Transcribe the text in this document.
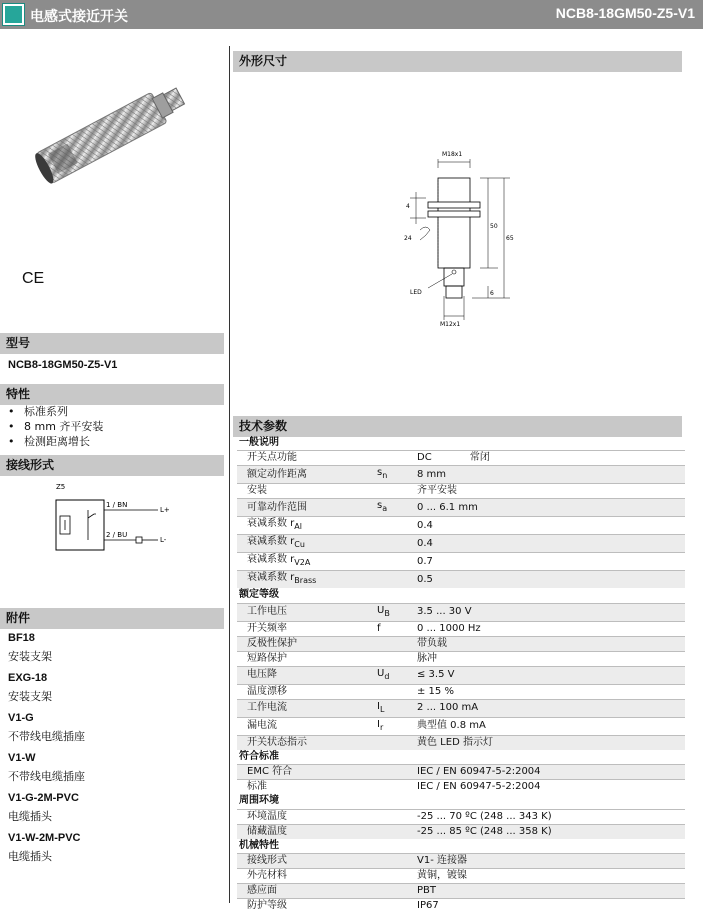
电感式接近开关	NCB8-18GM50-Z5-V1
CE
型号
NCB8-18GM50-Z5-V1
特性
• 标准系列
• 8 mm 齐平安装
• 检测距离增长
接线形式
Z5
1 / BN
2 / BU
L+
L-
附件
BF18
安装支架
EXG-18
安装支架
V1-G
不带线电缆插座
V1-W
不带线电缆插座
V1-G-2M-PVC
电缆插头
V1-W-2M-PVC
电缆插头
外形尺寸
M18x1
M12x1
4
24
50
65
6
LED
技术参数
一般说明		
开关点功能		DC            常闭
额定动作距离	$s_n$	8 mm
安装		齐平安装
可靠动作范围	$s_a$	0 ... 6.1 mm
衰减系数 $r_{Al}$		0.4
衰减系数 $r_{Cu}$		0.4
衰减系数 $r_{V2A}$		0.7
衰减系数 $r_{Brass}$		0.5
额定等级		
工作电压	$U_B$	3.5 ... 30 V
开关频率	f	0 ... 1000 Hz
反极性保护		带负载
短路保护		脉冲
电压降	$U_d$	≤ 3.5 V
温度漂移		± 15 %
工作电流	$I_L$	2 ... 100 mA
漏电流	$I_r$	典型值 0.8 mA
开关状态指示		黄色 LED 指示灯
符合标准		
EMC 符合		IEC / EN 60947-5-2:2004
标准		IEC / EN 60947-5-2:2004
周围环境		
环境温度		-25 ... 70 ºC (248 ... 343 K)
储藏温度		-25 ... 85 ºC (248 ... 358 K)
机械特性		
接线形式		V1- 连接器
外壳材料		黄铜，镀镍
感应面		PBT
防护等级		IP67
